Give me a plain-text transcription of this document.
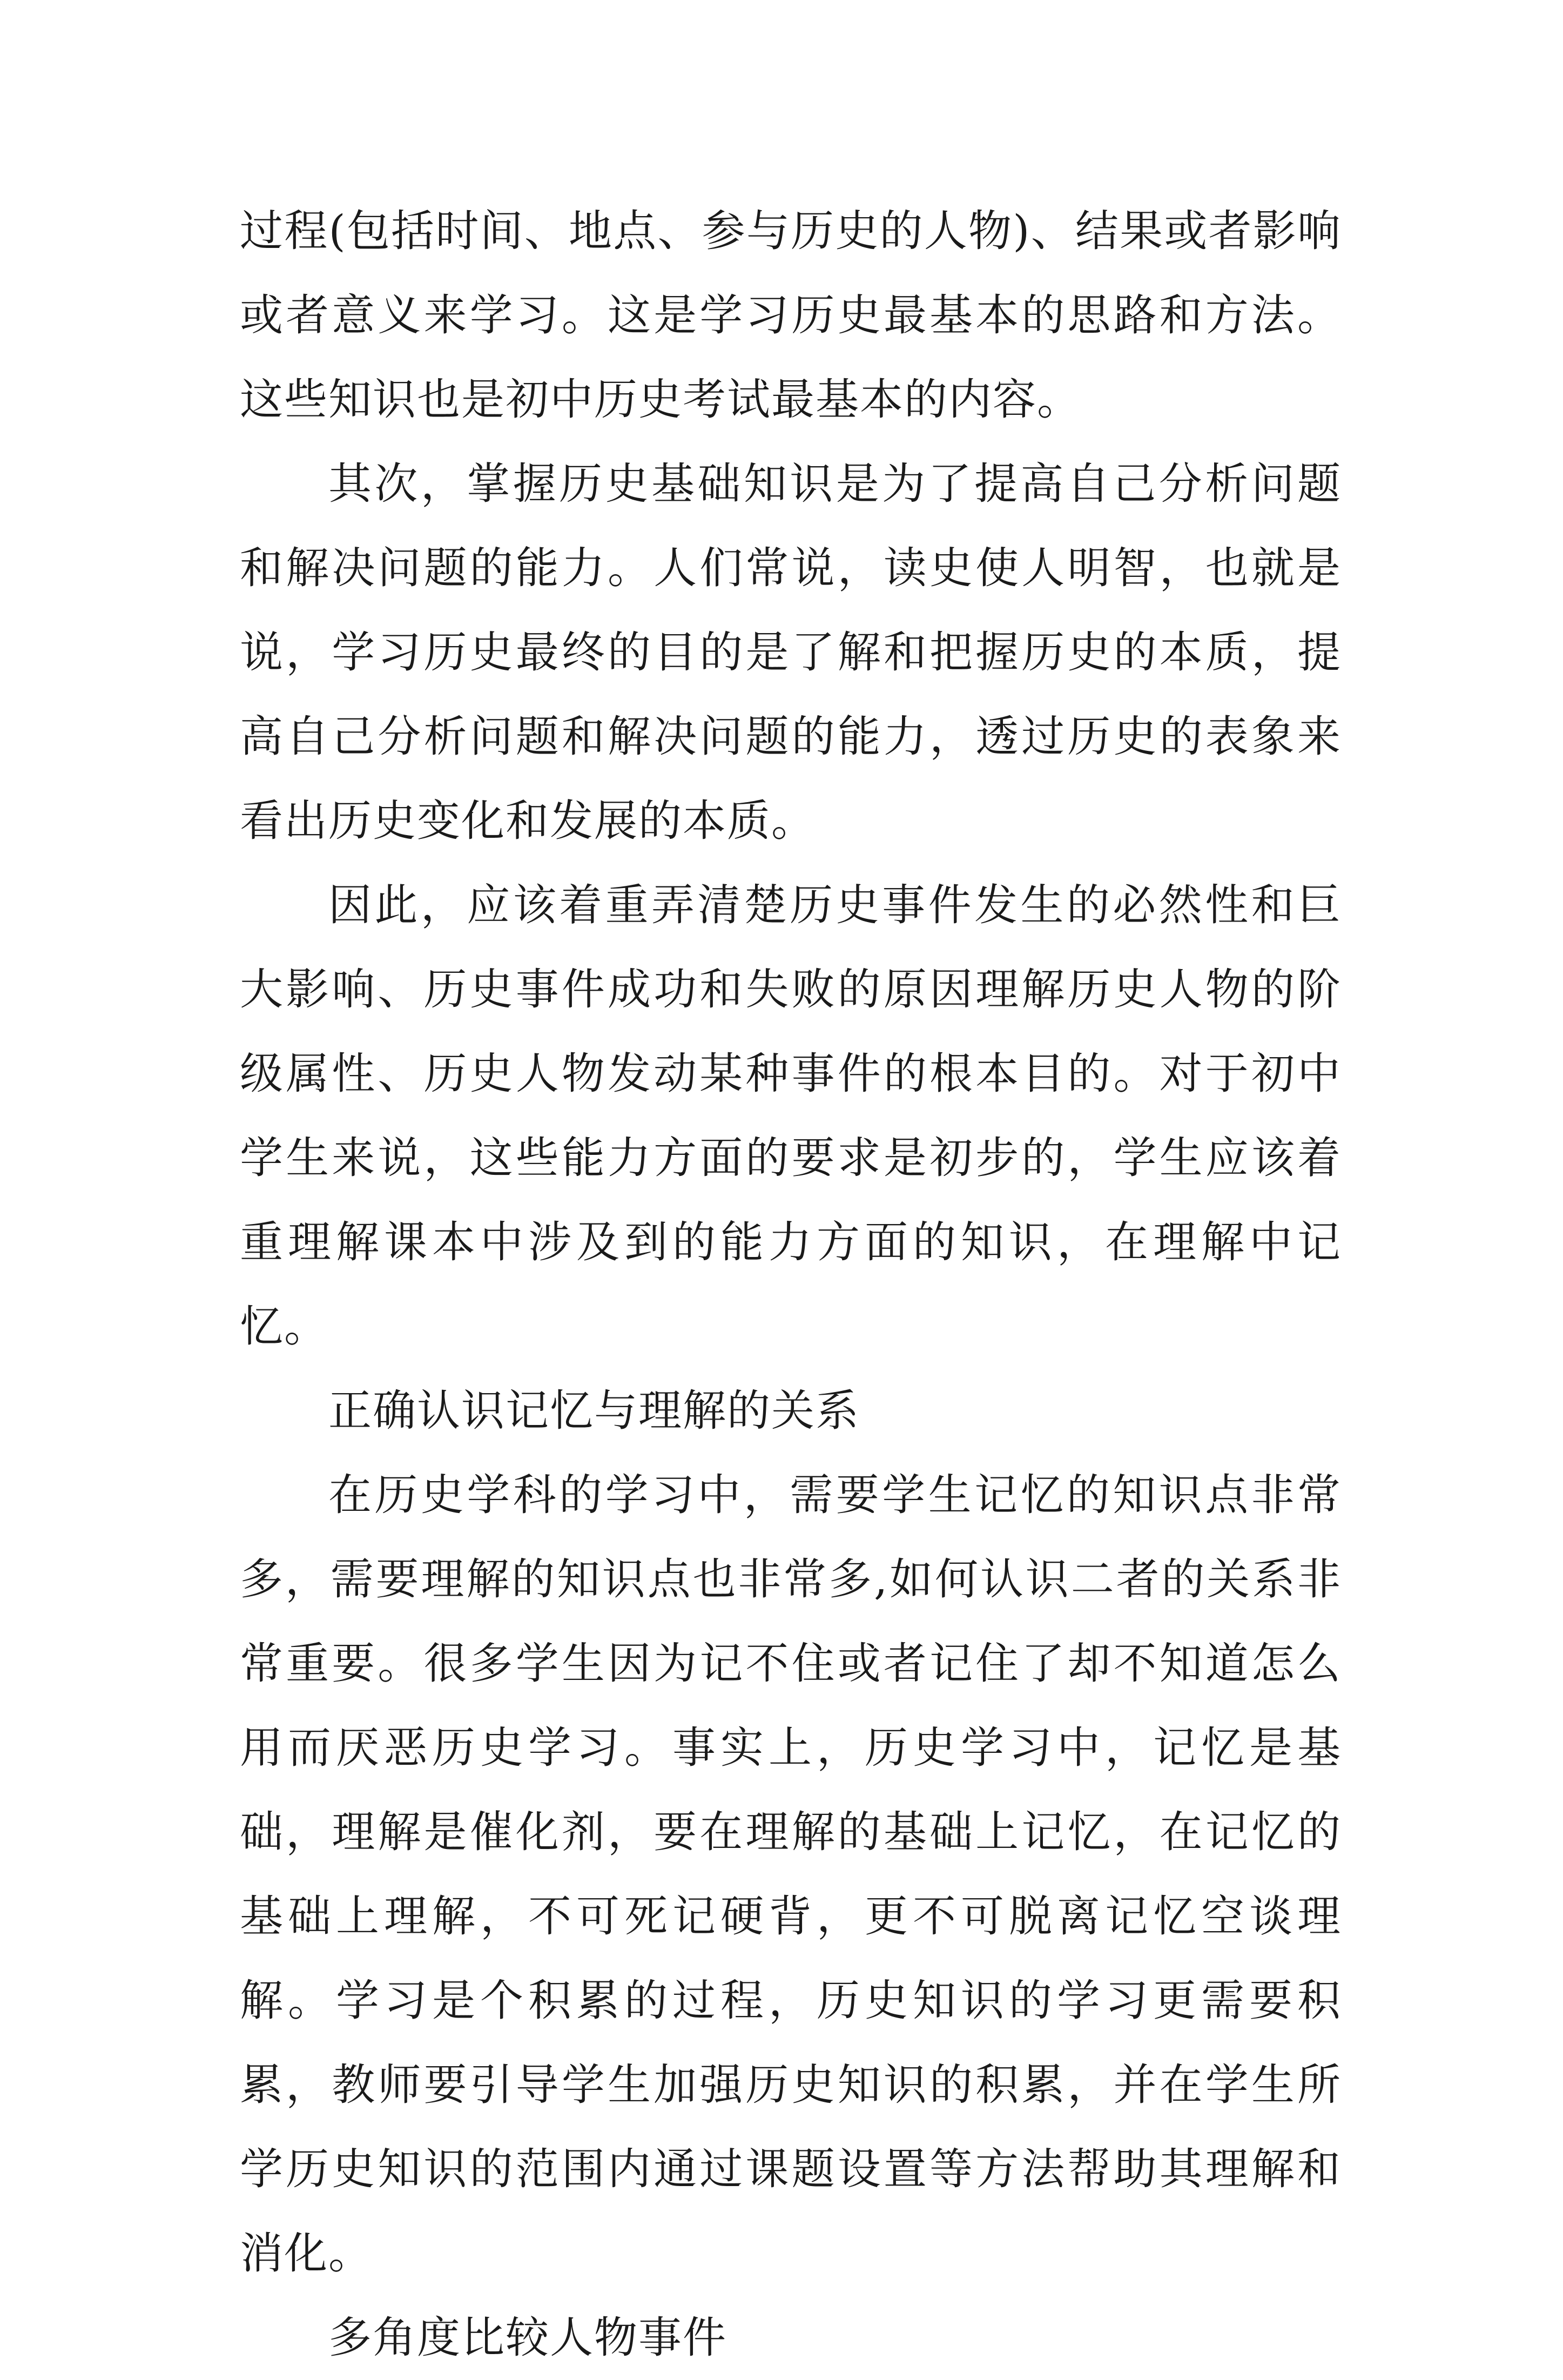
过程(包括时间、地点、参与历史的人物)、结果或者影响或者意义来学习。这是学习历史最基本的思路和方法。这些知识也是初中历史考试最基本的内容。

其次，掌握历史基础知识是为了提高自己分析问题和解决问题的能力。人们常说，读史使人明智，也就是说，学习历史最终的目的是了解和把握历史的本质，提高自己分析问题和解决问题的能力，透过历史的表象来看出历史变化和发展的本质。

因此，应该着重弄清楚历史事件发生的必然性和巨大影响、历史事件成功和失败的原因理解历史人物的阶级属性、历史人物发动某种事件的根本目的。对于初中学生来说，这些能力方面的要求是初步的，学生应该着重理解课本中涉及到的能力方面的知识，在理解中记忆。

正确认识记忆与理解的关系

在历史学科的学习中，需要学生记忆的知识点非常多，需要理解的知识点也非常多,如何认识二者的关系非常重要。很多学生因为记不住或者记住了却不知道怎么用而厌恶历史学习。事实上，历史学习中，记忆是基础，理解是催化剂，要在理解的基础上记忆，在记忆的基础上理解，不可死记硬背，更不可脱离记忆空谈理解。学习是个积累的过程，历史知识的学习更需要积累，教师要引导学生加强历史知识的积累，并在学生所学历史知识的范围内通过课题设置等方法帮助其理解和消化。

多角度比较人物事件
